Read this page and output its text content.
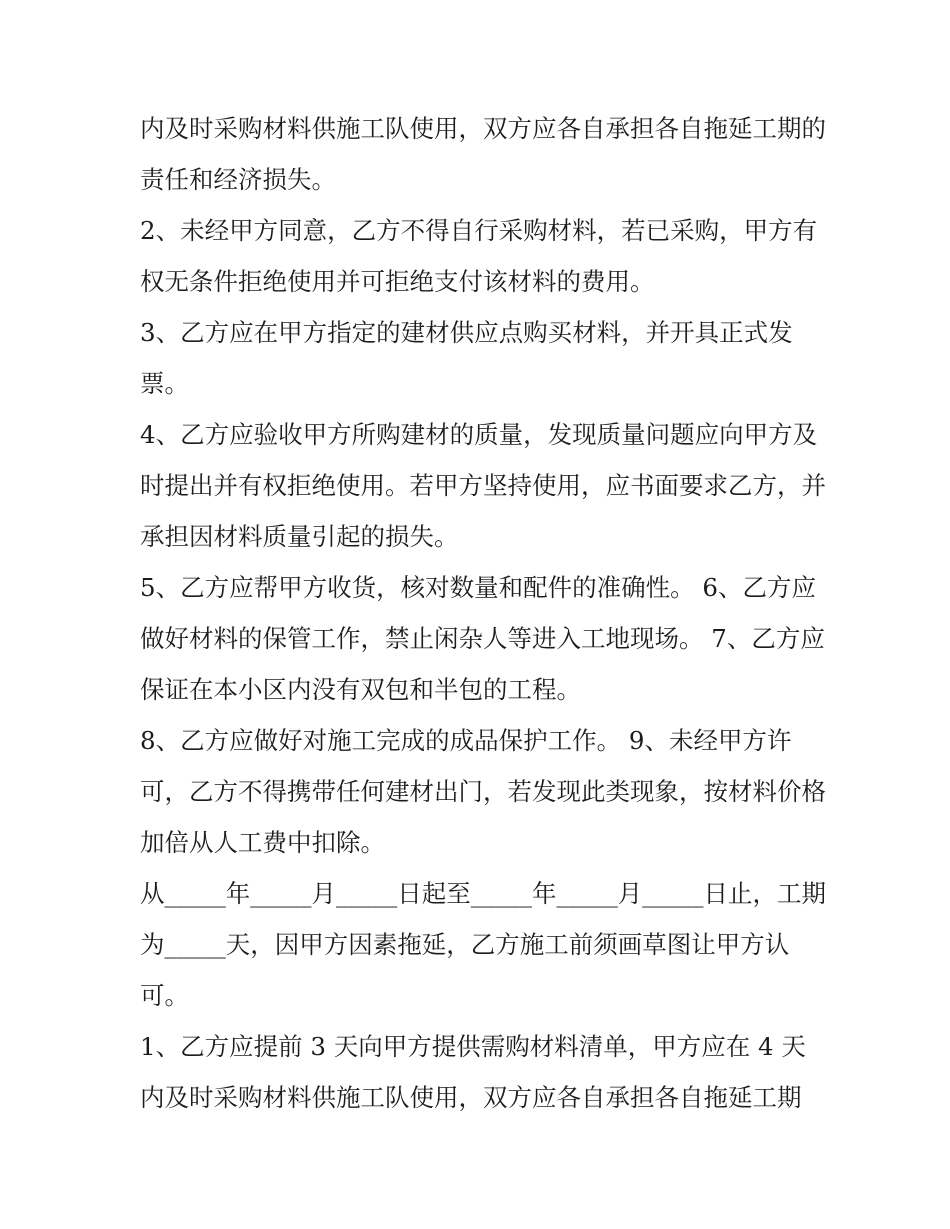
内及时采购材料供施工队使用，双方应各自承担各自拖延工期的责任和经济损失。

2、未经甲方同意，乙方不得自行采购材料，若已采购，甲方有权无条件拒绝使用并可拒绝支付该材料的费用。

3、乙方应在甲方指定的建材供应点购买材料，并开具正式发票。

4、乙方应验收甲方所购建材的质量，发现质量问题应向甲方及时提出并有权拒绝使用。若甲方坚持使用，应书面要求乙方，并承担因材料质量引起的损失。

5、乙方应帮甲方收货，核对数量和配件的准确性。 6、乙方应做好材料的保管工作，禁止闲杂人等进入工地现场。 7、乙方应保证在本小区内没有双包和半包的工程。

8、乙方应做好对施工完成的成品保护工作。 9、未经甲方许可，乙方不得携带任何建材出门，若发现此类现象，按材料价格加倍从人工费中扣除。

从_____年_____月_____日起至_____年_____月_____日止，工期为_____天，因甲方因素拖延，乙方施工前须画草图让甲方认可。

1、乙方应提前 3 天向甲方提供需购材料清单，甲方应在 4 天内及时采购材料供施工队使用，双方应各自承担各自拖延工期
